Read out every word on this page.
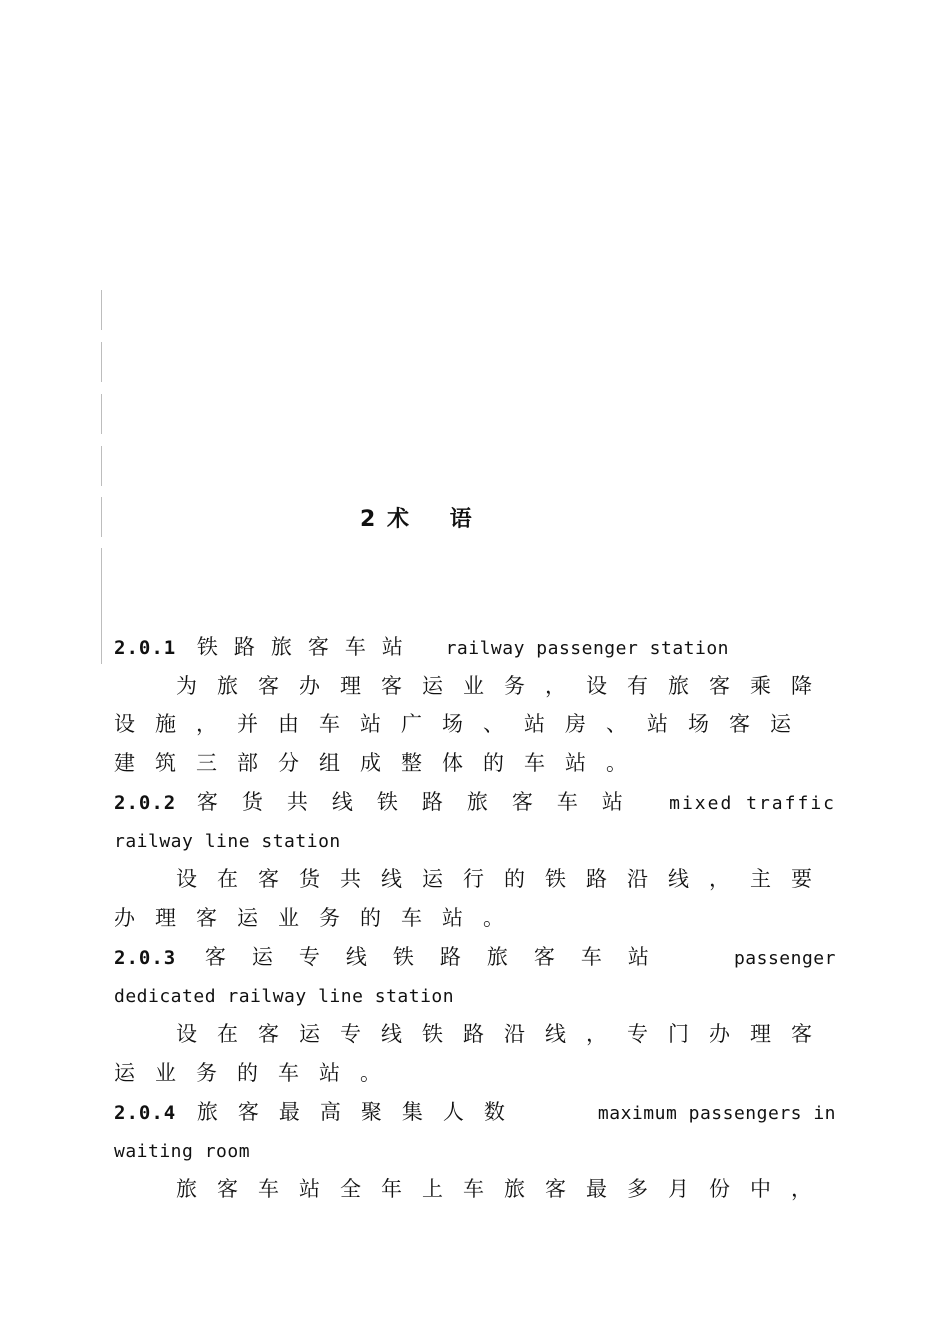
2 术    语
2.0.1 铁路旅客车站 railway passenger station
为旅客办理客运业务，设有旅客乘降
设施，并由车站广场、站房、站场客运
建筑三部分组成整体的车站。
2.0.2 客货共线铁路旅客车站 mixed traffic
railway line station
设在客货共线运行的铁路沿线，主要
办理客运业务的车站。
2.0.3 客运专线铁路旅客车站	passenger
dedicated railway line station
设在客运专线铁路沿线，专门办理客
运业务的车站。
2.0.4 旅客最高聚集人数	maximum passengers in
waiting room
旅客车站全年上车旅客最多月份中，
